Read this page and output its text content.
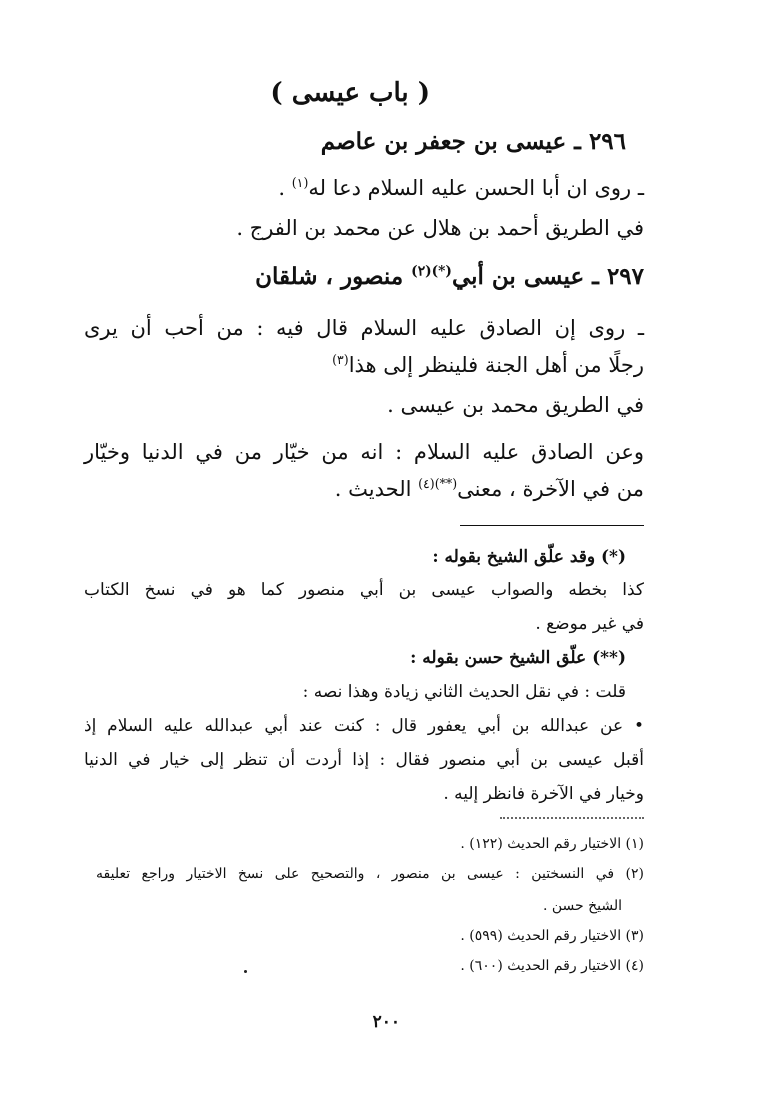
( باب عيسى )
٢٩٦ ـ عيسى بن جعفر بن عاصم
ـ روى ان أبا الحسن عليه السلام دعا له$^{(١)}$ .
في الطريق أحمد بن هلال عن محمد بن الفرج .
٢٩٧ ـ عيسى بن أبي$^{(*)(٢)}$ منصور ، شلقان
ـ روى إن الصادق عليه السلام قال فيه : من أحب أن يرى
رجلًا من أهل الجنة فلينظر إلى هذا$^{(٣)}$
في الطريق محمد بن عيسى .
وعن الصادق عليه السلام : انه من خيّار من في الدنيا وخيّار
من في الآخرة ، معنى$^{(**)(٤)}$ الحديث .
(*) وقد علّق الشيخ بقوله :
كذا بخطه والصواب عيسى بن أبي منصور كما هو في نسخ الكتاب
في غير موضع .
(**) علّق الشيخ حسن بقوله :
قلت : في نقل الحديث الثاني زيادة وهذا نصه :
• عن عبدالله بن أبي يعفور قال : كنت عند أبي عبدالله عليه السلام إذ
أقبل عيسى بن أبي منصور فقال : إذا أردت أن تنظر إلى خيار في الدنيا
وخيار في الآخرة فانظر إليه .
(١) الاختيار رقم الحديث (١٢٢) .
(٢) في النسختين : عيسى بن منصور ، والتصحيح على نسخ الاختيار وراجع تعليقه
الشيخ حسن .
(٣) الاختيار رقم الحديث (٥٩٩) .
(٤) الاختيار رقم الحديث (٦٠٠) .
٢٠٠
